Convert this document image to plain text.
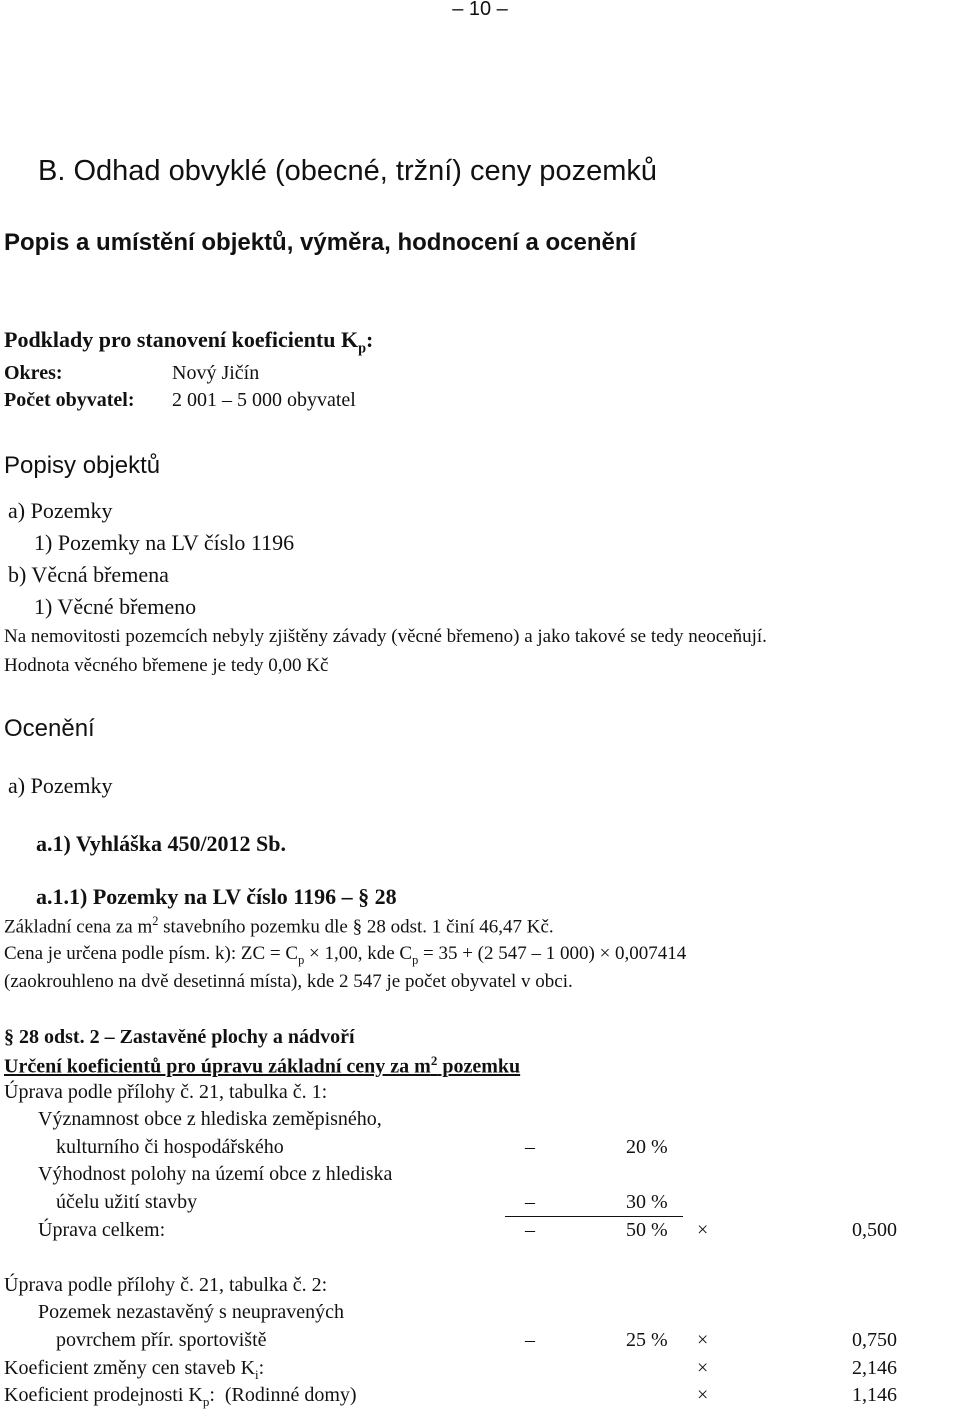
– 10 –
B. Odhad obvyklé (obecné, tržní) ceny pozemků
Popis a umístění objektů, výměra, hodnocení a ocenění
Podklady pro stanovení koeficientu $K_p$:
Okres:	Nový Jičín
Počet obyvatel: 2 001 – 5 000 obyvatel
Popisy objektů
a) Pozemky
1) Pozemky na LV číslo 1196
b) Věcná břemena
1) Věcné břemeno
Na nemovitosti pozemcích nebyly zjištěny závady (věcné břemeno) a jako takové se tedy neoceňují.
Hodnota věcného břemene je tedy 0,00 Kč
Ocenění
a) Pozemky
a.1) Vyhláška 450/2012 Sb.
a.1.1) Pozemky na LV číslo 1196 – § 28
Základní cena za $m^2$ stavebního pozemku dle § 28 odst. 1 činí 46,47 Kč.
Cena je určena podle písm. k): ZC = $C_p \times 1,00$, kde $C_p = 35 + (2$ 547 – 1 000) × 0,007414
(zaokrouhleno na dvě desetinná místa), kde 2 547 je počet obyvatel v obci.
§ 28 odst. 2 – Zastavěné plochy a nádvoří
Určení koeficientů pro úpravu základní ceny za $m^2$ pozemku
Úprava podle přílohy č. 21, tabulka č. 1:
Významnost obce z hlediska zeměpisného,
kulturního či hospodářského	–	20 %
Výhodnost polohy na území obce z hlediska
účelu užití stavby	–	30 %
Úprava celkem:	–	50 % ×	0,500
Úprava podle přílohy č. 21, tabulka č. 2:
Pozemek nezastavěný s neupravených
povrchem přír. sportoviště	–	25 % ×	0,750
Koeficient změny cen staveb $K_i$:	×	2,146
Koeficient prodejnosti $K_p$:  (Rodinné domy)	×	1,146
